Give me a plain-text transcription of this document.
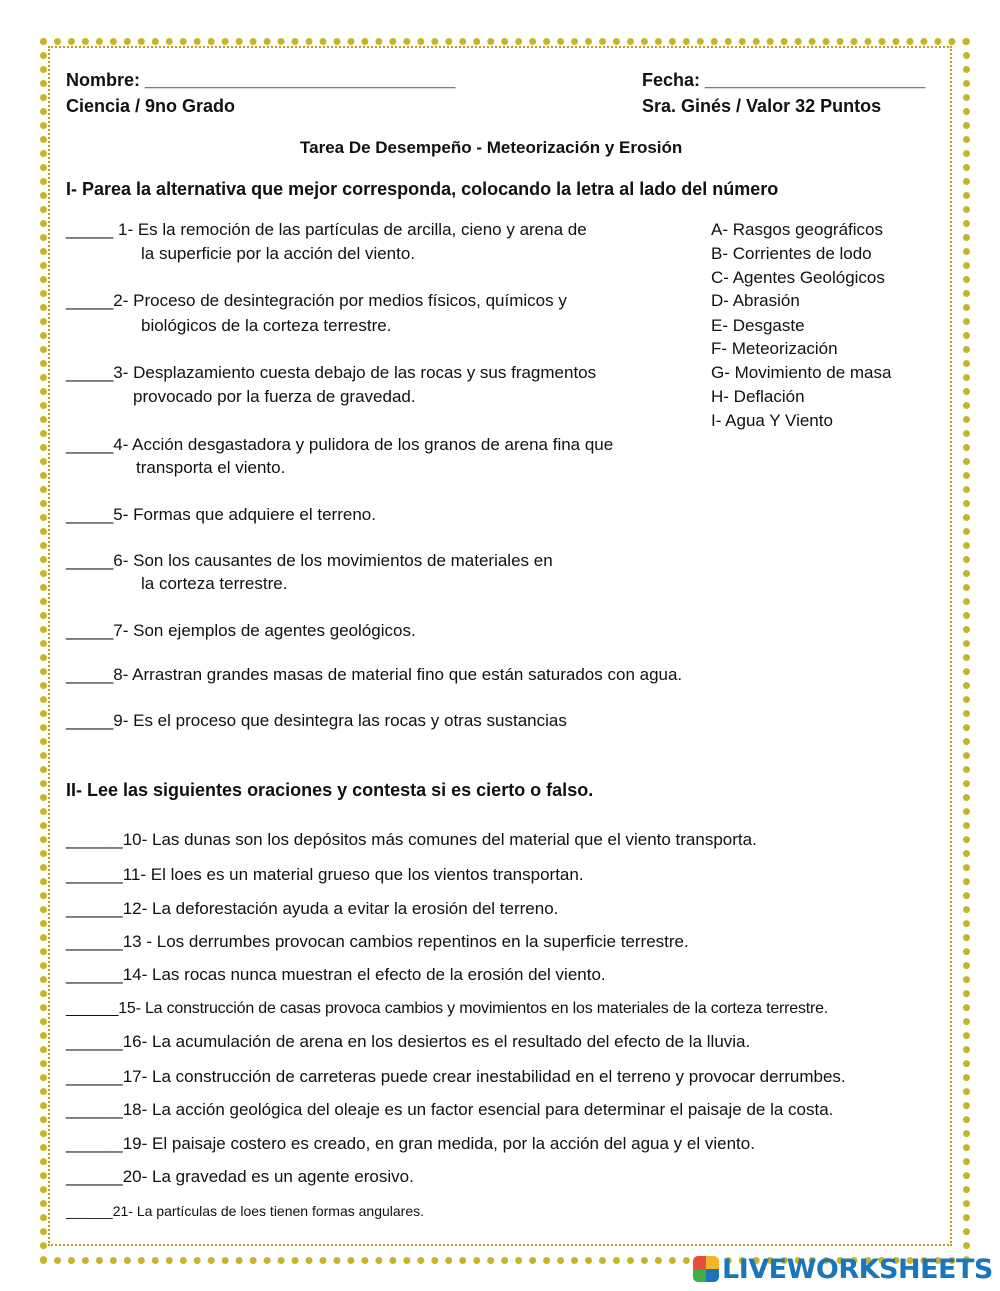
Nombre: _______________________________	Fecha: ______________________
Ciencia / 9no Grado	Sra. Ginés / Valor 32 Puntos
Tarea De Desempeño - Meteorización y Erosión
I- Parea la alternativa que mejor corresponda, colocando la letra al lado del número
_____ 1- Es la remoción de las partículas de arcilla, cieno y arena de
la superficie por la acción del viento.
_____2- Proceso de desintegración por medios físicos, químicos y
biológicos de la corteza terrestre.
_____3- Desplazamiento cuesta debajo de las rocas y sus fragmentos
provocado por la fuerza de gravedad.
_____4- Acción desgastadora y pulidora de los granos de arena fina que
transporta el viento.
_____5- Formas que adquiere el terreno.
_____6- Son los causantes de los movimientos de materiales en
la corteza terrestre.
_____7- Son ejemplos de agentes geológicos.
_____8- Arrastran grandes masas de material fino que están saturados con agua.
_____9- Es el proceso que desintegra las rocas y otras sustancias
A- Rasgos geográficos
B- Corrientes de lodo
C- Agentes Geológicos
D- Abrasión
E- Desgaste
F- Meteorización
G- Movimiento de masa
H- Deflación
I- Agua Y Viento
II- Lee las siguientes oraciones y contesta si es cierto o falso.
______10- Las dunas son los depósitos más comunes del material que el viento transporta.
______11- El loes es un material grueso que los vientos transportan.
______12- La deforestación ayuda a evitar la erosión del terreno.
______13 - Los derrumbes provocan cambios repentinos en la superficie terrestre.
______14- Las rocas nunca muestran el efecto de la erosión del viento.
______15- La construcción de casas provoca cambios y movimientos en los materiales de la corteza terrestre.
______16- La acumulación de arena en los desiertos es el resultado del efecto de la lluvia.
______17- La construcción de carreteras puede crear inestabilidad en el terreno y provocar derrumbes.
______18- La acción geológica del oleaje es un factor esencial para determinar el paisaje de la costa.
______19- El paisaje costero es creado, en gran medida, por la acción del agua y el viento.
______20- La gravedad es un agente erosivo.
______21- La partículas de loes tienen formas angulares.
LIVEWORKSHEETS
